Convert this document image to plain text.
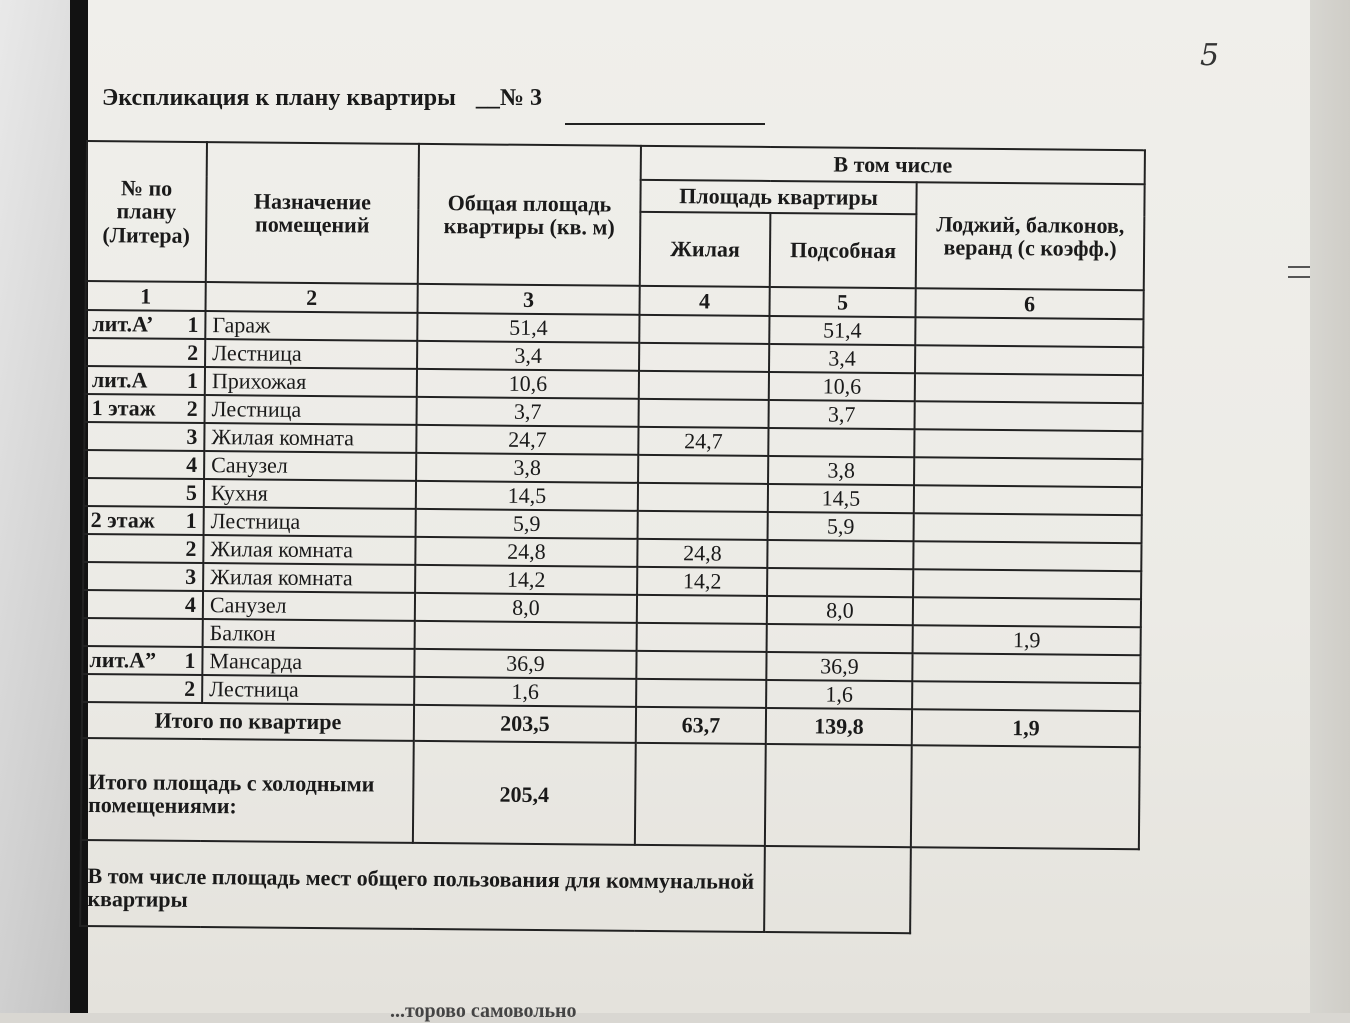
5
Экспликация к плану квартиры __№ 3
№ по плану (Литера)	Назначение помещений	Общая площадь квартиры (кв. м)	В том числе		
			Площадь квартиры		Лоджий, балконов, веранд (с коэфф.)
			Жилая	Подсобная	
1	2	3	4	5	6
лит.А’ 1	Гараж	51,4		51,4	

2	Лестница	3,4		3,4	
лит.А 1	Прихожая	10,6		10,6	
1 этаж 2	Лестница	3,7		3,7	

3	Жилая комната	24,7	24,7		

4	Санузел	3,8		3,8	

5	Кухня	14,5		14,5	
2 этаж 1	Лестница	5,9		5,9	

2	Жилая комната	24,8	24,8		

3	Жилая комната	14,2	14,2		

4	Санузел	8,0		8,0	

	Балкон				1,9
лит.А” 1	Мансарда	36,9		36,9	

2	Лестница	1,6		1,6	
Итого по квартире		203,5	63,7	139,8	1,9
Итого площадь с холодными помещениями:		205,4			
В том числе площадь мест общего пользования для коммунальной квартиры					
...торово самовольно
